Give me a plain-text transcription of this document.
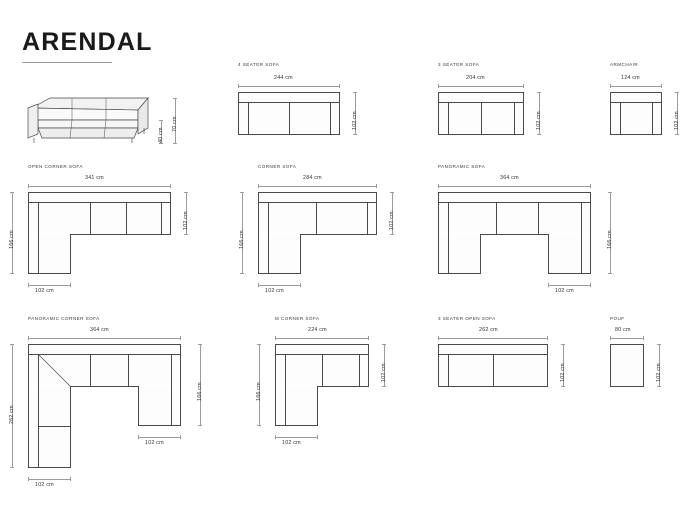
ARENDAL
70 cm
40 cm
4 SEATER SOFA
244 cm
102 cm
3 SEATER SOFA
204 cm
102 cm
ARMCHAIR
124 cm
102 cm
OPEN CORNER SOFA
341 cm
166 cm
102 cm
102 cm
CORNER SOFA
284 cm
166 cm
102 cm
102 cm
PANORAMIC SOFA
364 cm
166 cm
102 cm
PANORAMIC CORNER SOFA
364 cm
262 cm
166 cm
102 cm
102 cm
M CORNER SOFA
224 cm
166 cm
102 cm
102 cm
3 SEATER OPEN SOFA
262 cm
102 cm
POUF
80 cm
102 cm
